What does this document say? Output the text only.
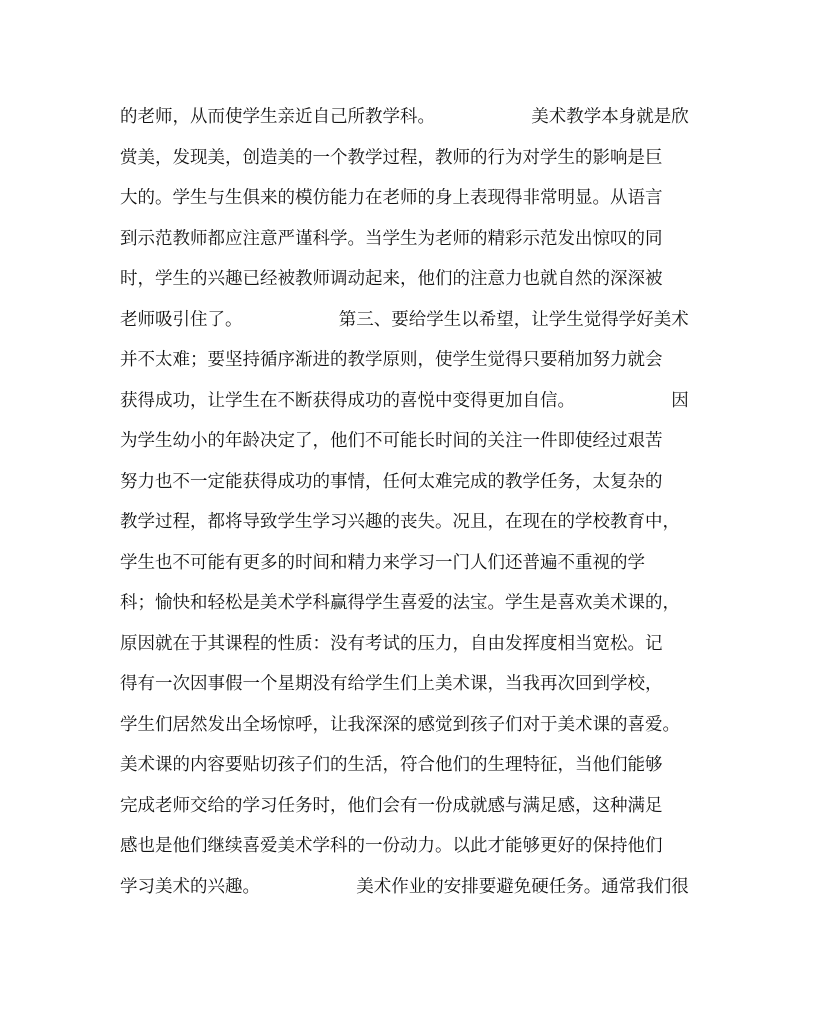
的老师，从而使学生亲近自己所教学科。　　　　　　美术教学本身就是欣
赏美，发现美，创造美的一个教学过程，教师的行为对学生的影响是巨
大的。学生与生俱来的模仿能力在老师的身上表现得非常明显。从语言
到示范教师都应注意严谨科学。当学生为老师的精彩示范发出惊叹的同
时，学生的兴趣已经被教师调动起来，他们的注意力也就自然的深深被
老师吸引住了。　　　　　　第三、要给学生以希望，让学生觉得学好美术
并不太难；要坚持循序渐进的教学原则，使学生觉得只要稍加努力就会
获得成功，让学生在不断获得成功的喜悦中变得更加自信。　　　　　　因
为学生幼小的年龄决定了，他们不可能长时间的关注一件即使经过艰苦
努力也不一定能获得成功的事情，任何太难完成的教学任务，太复杂的
教学过程，都将导致学生学习兴趣的丧失。况且，在现在的学校教育中，
学生也不可能有更多的时间和精力来学习一门人们还普遍不重视的学
科；愉快和轻松是美术学科赢得学生喜爱的法宝。学生是喜欢美术课的，
原因就在于其课程的性质：没有考试的压力，自由发挥度相当宽松。记
得有一次因事假一个星期没有给学生们上美术课，当我再次回到学校，
学生们居然发出全场惊呼，让我深深的感觉到孩子们对于美术课的喜爱。
美术课的内容要贴切孩子们的生活，符合他们的生理特征，当他们能够
完成老师交给的学习任务时，他们会有一份成就感与满足感，这种满足
感也是他们继续喜爱美术学科的一份动力。以此才能够更好的保持他们
学习美术的兴趣。　　　　　　美术作业的安排要避免硬任务。通常我们很
